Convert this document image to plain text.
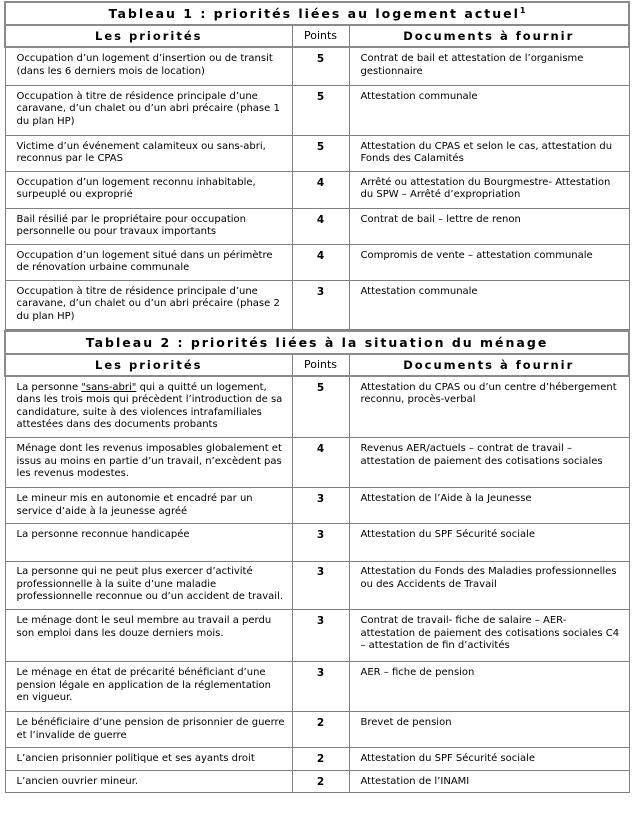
Tableau 1 : priorités liées au logement actuel$^1$
Les priorités	Points	Documents à fournir
Occupation d’un logement d’insertion ou de transit (dans les 6 derniers mois de location)	5	Contrat de bail et attestation de l’organisme gestionnaire
Occupation à titre de résidence principale d’une caravane, d’un chalet ou d’un abri précaire (phase 1 du plan HP)	5	Attestation communale
Victime d’un événement calamiteux ou sans-abri, reconnus par le CPAS	5	Attestation du CPAS et selon le cas, attestation du Fonds des Calamités
Occupation d’un logement reconnu inhabitable, surpeuplé ou exproprié	4	Arrêté ou attestation du Bourgmestre- Attestation du SPW – Arrêté d’expropriation
Bail résilié par le propriétaire pour occupation personnelle ou pour travaux importants	4	Contrat de bail – lettre de renon
Occupation d’un logement situé dans un périmètre de rénovation urbaine communale	4	Compromis de vente – attestation communale
Occupation à titre de résidence principale d’une caravane, d’un chalet ou d’un abri précaire (phase 2 du plan HP)	3	Attestation communale
Tableau 2 : priorités liées à la situation du ménage		
Les priorités	Points	Documents à fournir
La personne "sans-abri" qui a quitté un logement, dans les trois mois qui précèdent l’introduction de sa candidature, suite à des violences intrafamiliales attestées dans des documents probants	5	Attestation du CPAS ou d’un centre d’hébergement reconnu, procès-verbal
Ménage dont les revenus imposables globalement et issus au moins en partie d’un travail, n’excèdent pas les revenus modestes.	4	Revenus AER/actuels – contrat de travail – attestation de paiement des cotisations sociales
Le mineur mis en autonomie et encadré par un service d’aide à la jeunesse agréé	3	Attestation de l’Aide à la Jeunesse
La personne reconnue handicapée	3	Attestation du SPF Sécurité sociale
La personne qui ne peut plus exercer d’activité professionnelle à la suite d’une maladie professionnelle reconnue ou d’un accident de travail.	3	Attestation du Fonds des Maladies professionnelles ou des Accidents de Travail
Le ménage dont le seul membre au travail a perdu son emploi dans les douze derniers mois.	3	Contrat de travail- fiche de salaire – AER- attestation de paiement des cotisations sociales C4 – attestation de fin d’activités
Le ménage en état de précarité bénéficiant d’une pension légale en application de la réglementation en vigueur.	3	AER – fiche de pension
Le bénéficiaire d’une pension de prisonnier de guerre et l’invalide de guerre	2	Brevet de pension
L’ancien prisonnier politique et ses ayants droit	2	Attestation du SPF Sécurité sociale
L’ancien ouvrier mineur.	2	Attestation de l’INAMI
